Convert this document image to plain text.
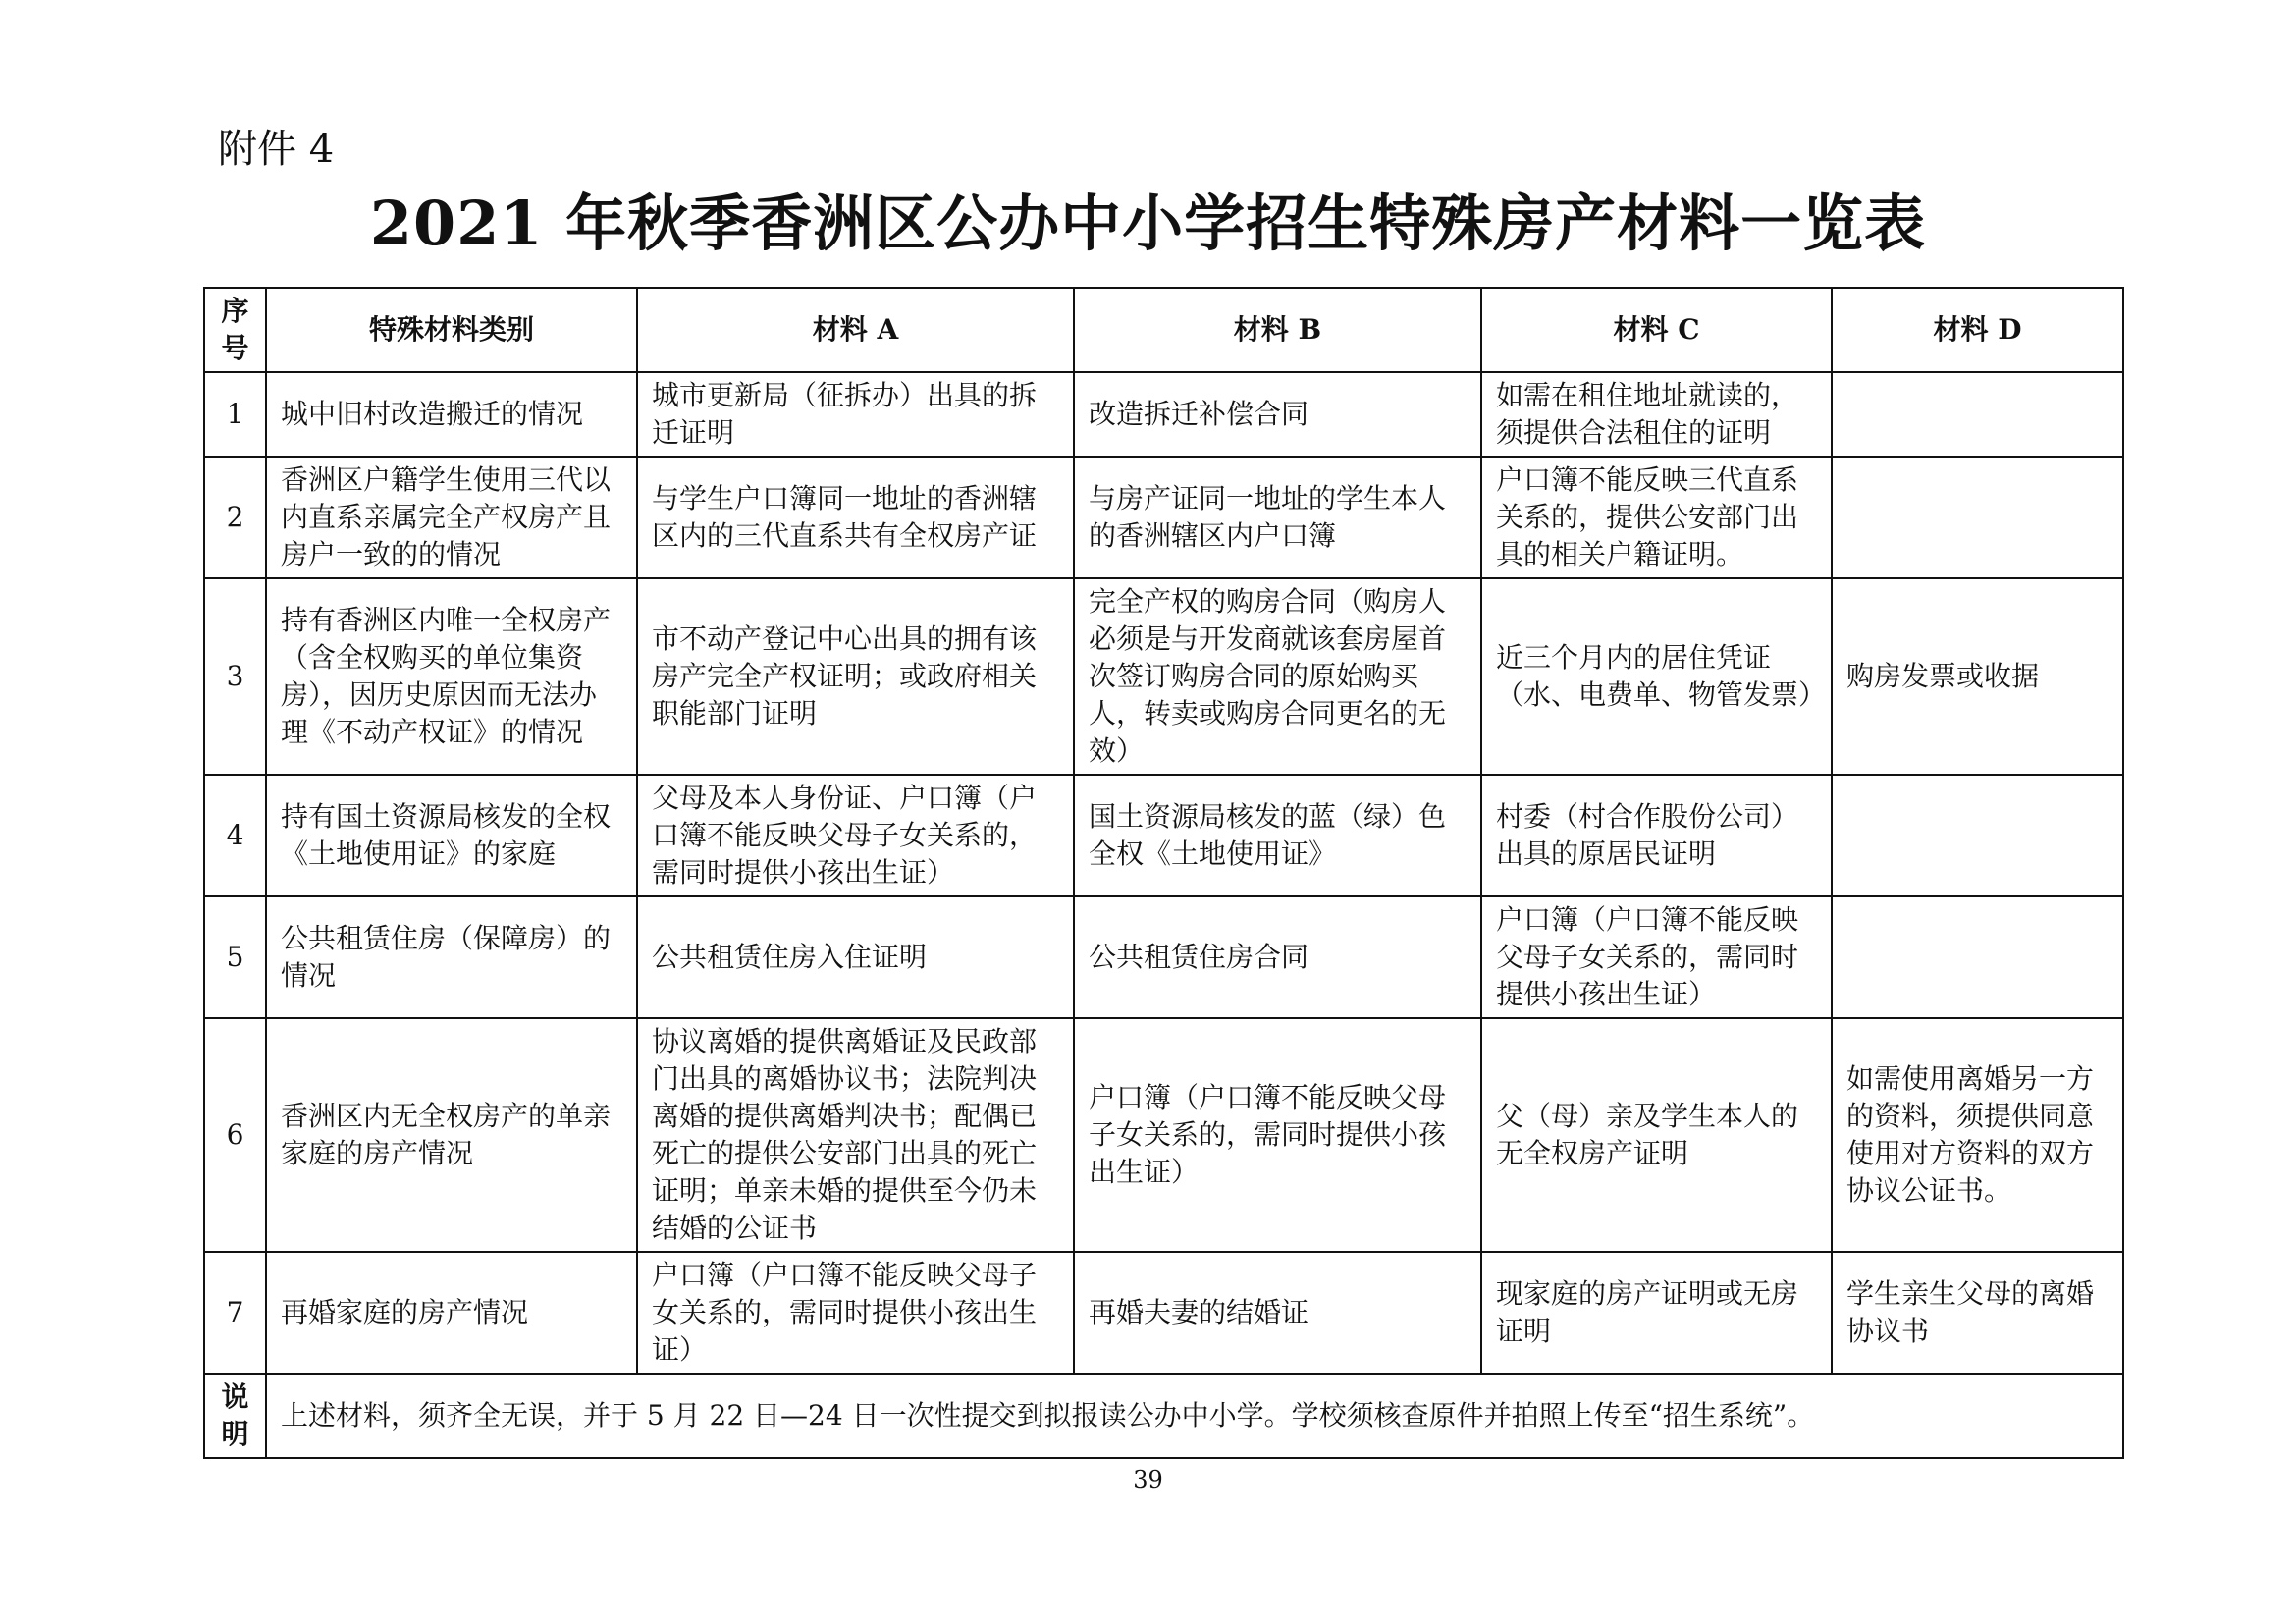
附件 4
2021 年秋季香洲区公办中小学招生特殊房产材料一览表
序号	特殊材料类别	材料 A	材料 B	材料 C	材料 D
1	城中旧村改造搬迁的情况	城市更新局（征拆办）出具的拆迁证明	改造拆迁补偿合同	如需在租住地址就读的，须提供合法租住的证明	
2	香洲区户籍学生使用三代以内直系亲属完全产权房产且房户一致的的情况	与学生户口簿同一地址的香洲辖区内的三代直系共有全权房产证	与房产证同一地址的学生本人的香洲辖区内户口簿	户口簿不能反映三代直系关系的，提供公安部门出具的相关户籍证明。	
3	持有香洲区内唯一全权房产（含全权购买的单位集资房），因历史原因而无法办理《不动产权证》的情况	市不动产登记中心出具的拥有该房产完全产权证明；或政府相关职能部门证明	完全产权的购房合同（购房人必须是与开发商就该套房屋首次签订购房合同的原始购买人，转卖或购房合同更名的无效）	近三个月内的居住凭证（水、电费单、物管发票）	购房发票或收据
4	持有国土资源局核发的全权《土地使用证》的家庭	父母及本人身份证、户口簿（户口簿不能反映父母子女关系的，需同时提供小孩出生证）	国土资源局核发的蓝（绿）色全权《土地使用证》	村委（村合作股份公司）出具的原居民证明	
5	公共租赁住房（保障房）的情况	公共租赁住房入住证明	公共租赁住房合同	户口簿（户口簿不能反映父母子女关系的，需同时提供小孩出生证）	
6	香洲区内无全权房产的单亲家庭的房产情况	协议离婚的提供离婚证及民政部门出具的离婚协议书；法院判决离婚的提供离婚判决书；配偶已死亡的提供公安部门出具的死亡证明；单亲未婚的提供至今仍未结婚的公证书	户口簿（户口簿不能反映父母子女关系的，需同时提供小孩出生证）	父（母）亲及学生本人的无全权房产证明	如需使用离婚另一方的资料，须提供同意使用对方资料的双方协议公证书。
7	再婚家庭的房产情况	户口簿（户口簿不能反映父母子女关系的，需同时提供小孩出生证）	再婚夫妻的结婚证	现家庭的房产证明或无房证明	学生亲生父母的离婚协议书
说明	上述材料，须齐全无误，并于 5 月 22 日—24 日一次性提交到拟报读公办中小学。学校须核查原件并拍照上传至“招生系统”。				
39
